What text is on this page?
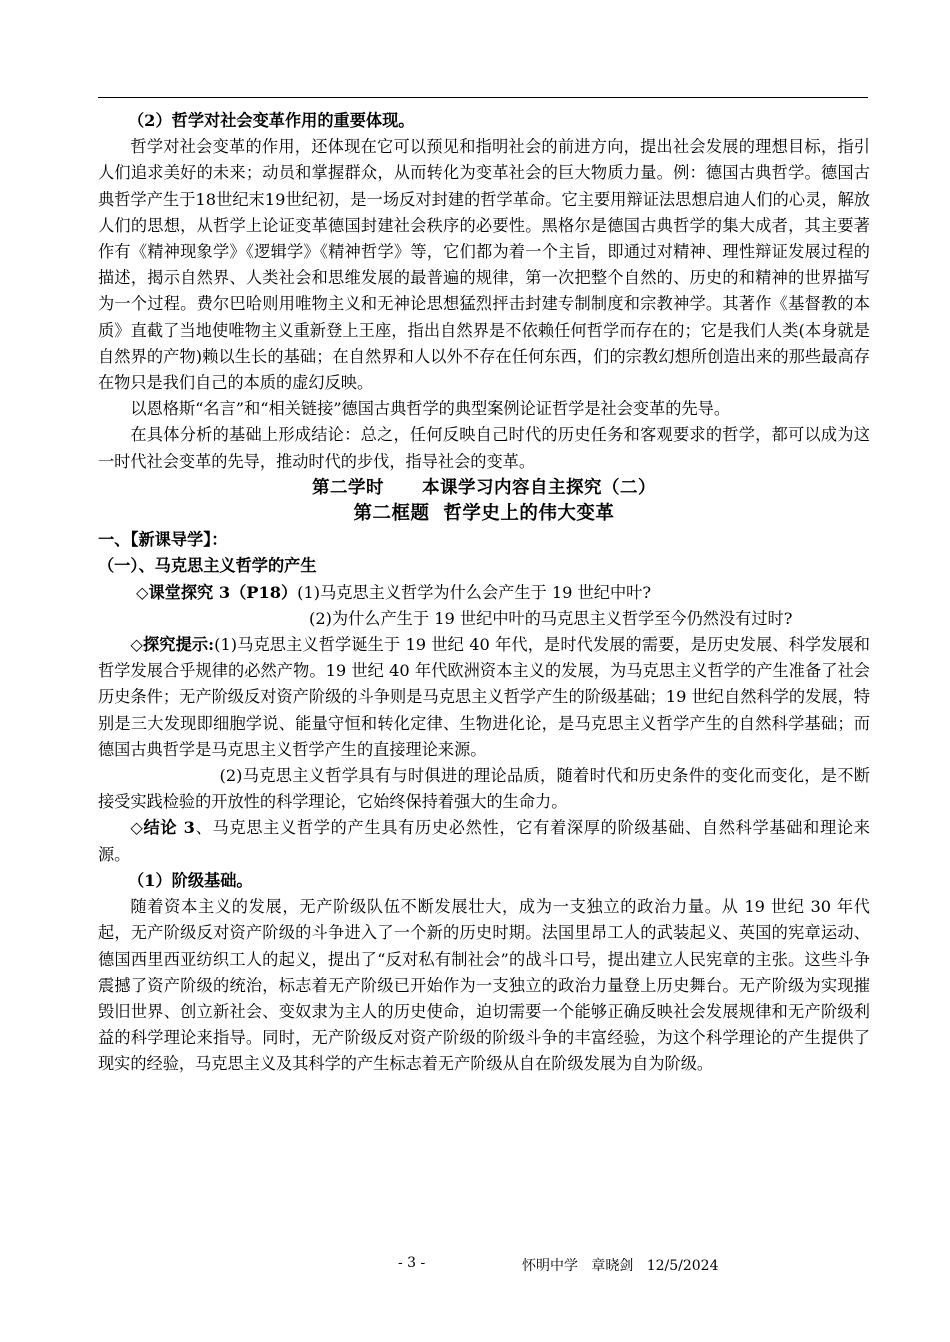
（2）哲学对社会变革作用的重要体现。

哲学对社会变革的作用，还体现在它可以预见和指明社会的前进方向，提出社会发展的理想目标，指引人们追求美好的未来；动员和掌握群众，从而转化为变革社会的巨大物质力量。例：德国古典哲学。德国古典哲学产生于18世纪末19世纪初，是一场反对封建的哲学革命。它主要用辩证法思想启迪人们的心灵，解放人们的思想，从哲学上论证变革德国封建社会秩序的必要性。黑格尔是德国古典哲学的集大成者，其主要著作有《精神现象学》《逻辑学》《精神哲学》等，它们都为着一个主旨，即通过对精神、理性辩证发展过程的描述，揭示自然界、人类社会和思维发展的最普遍的规律，第一次把整个自然的、历史的和精神的世界描写为一个过程。费尔巴哈则用唯物主义和无神论思想猛烈抨击封建专制制度和宗教神学。其著作《基督教的本质》直截了当地使唯物主义重新登上王座，指出自然界是不依赖任何哲学而存在的；它是我们人类(本身就是自然界的产物)赖以生长的基础；在自然界和人以外不存在任何东西，们的宗教幻想所创造出来的那些最高存在物只是我们自己的本质的虚幻反映。

以恩格斯“名言”和“相关链接”德国古典哲学的典型案例论证哲学是社会变革的先导。

在具体分析的基础上形成结论：总之，任何反映自己时代的历史任务和客观要求的哲学，都可以成为这一时代社会变革的先导，推动时代的步伐，指导社会的变革。

第二学时 本课学习内容自主探究（二）

第二框题  哲学史上的伟大变革

一、【新课导学】：

（一）、马克思主义哲学的产生

◇课堂探究 3（P18）(1)马克思主义哲学为什么会产生于 19 世纪中叶?

(2)为什么产生于 19 世纪中叶的马克思主义哲学至今仍然没有过时?

◇探究提示:(1)马克思主义哲学诞生于 19 世纪 40 年代，是时代发展的需要，是历史发展、科学发展和哲学发展合乎规律的必然产物。19 世纪 40 年代欧洲资本主义的发展，为马克思主义哲学的产生准备了社会历史条件；无产阶级反对资产阶级的斗争则是马克思主义哲学产生的阶级基础；19 世纪自然科学的发展，特别是三大发现即细胞学说、能量守恒和转化定律、生物进化论，是马克思主义哲学产生的自然科学基础；而德国古典哲学是马克思主义哲学产生的直接理论来源。

(2)马克思主义哲学具有与时俱进的理论品质，随着时代和历史条件的变化而变化，是不断接受实践检验的开放性的科学理论，它始终保持着强大的生命力。

◇结论 3、马克思主义哲学的产生具有历史必然性，它有着深厚的阶级基础、自然科学基础和理论来源。

（1）阶级基础。

随着资本主义的发展，无产阶级队伍不断发展壮大，成为一支独立的政治力量。从 19 世纪 30 年代起，无产阶级反对资产阶级的斗争进入了一个新的历史时期。法国里昂工人的武装起义、英国的宪章运动、德国西里西亚纺织工人的起义，提出了“反对私有制社会”的战斗口号，提出建立人民宪章的主张。这些斗争震撼了资产阶级的统治，标志着无产阶级已开始作为一支独立的政治力量登上历史舞台。无产阶级为实现摧毁旧世界、创立新社会、变奴隶为主人的历史使命，迫切需要一个能够正确反映社会发展规律和无产阶级利益的科学理论来指导。同时，无产阶级反对资产阶级的阶级斗争的丰富经验，为这个科学理论的产生提供了现实的经验，马克思主义及其科学的产生标志着无产阶级从自在阶级发展为自为阶级。

- 3 -	怀明中学   章晓剑   12/5/2024
